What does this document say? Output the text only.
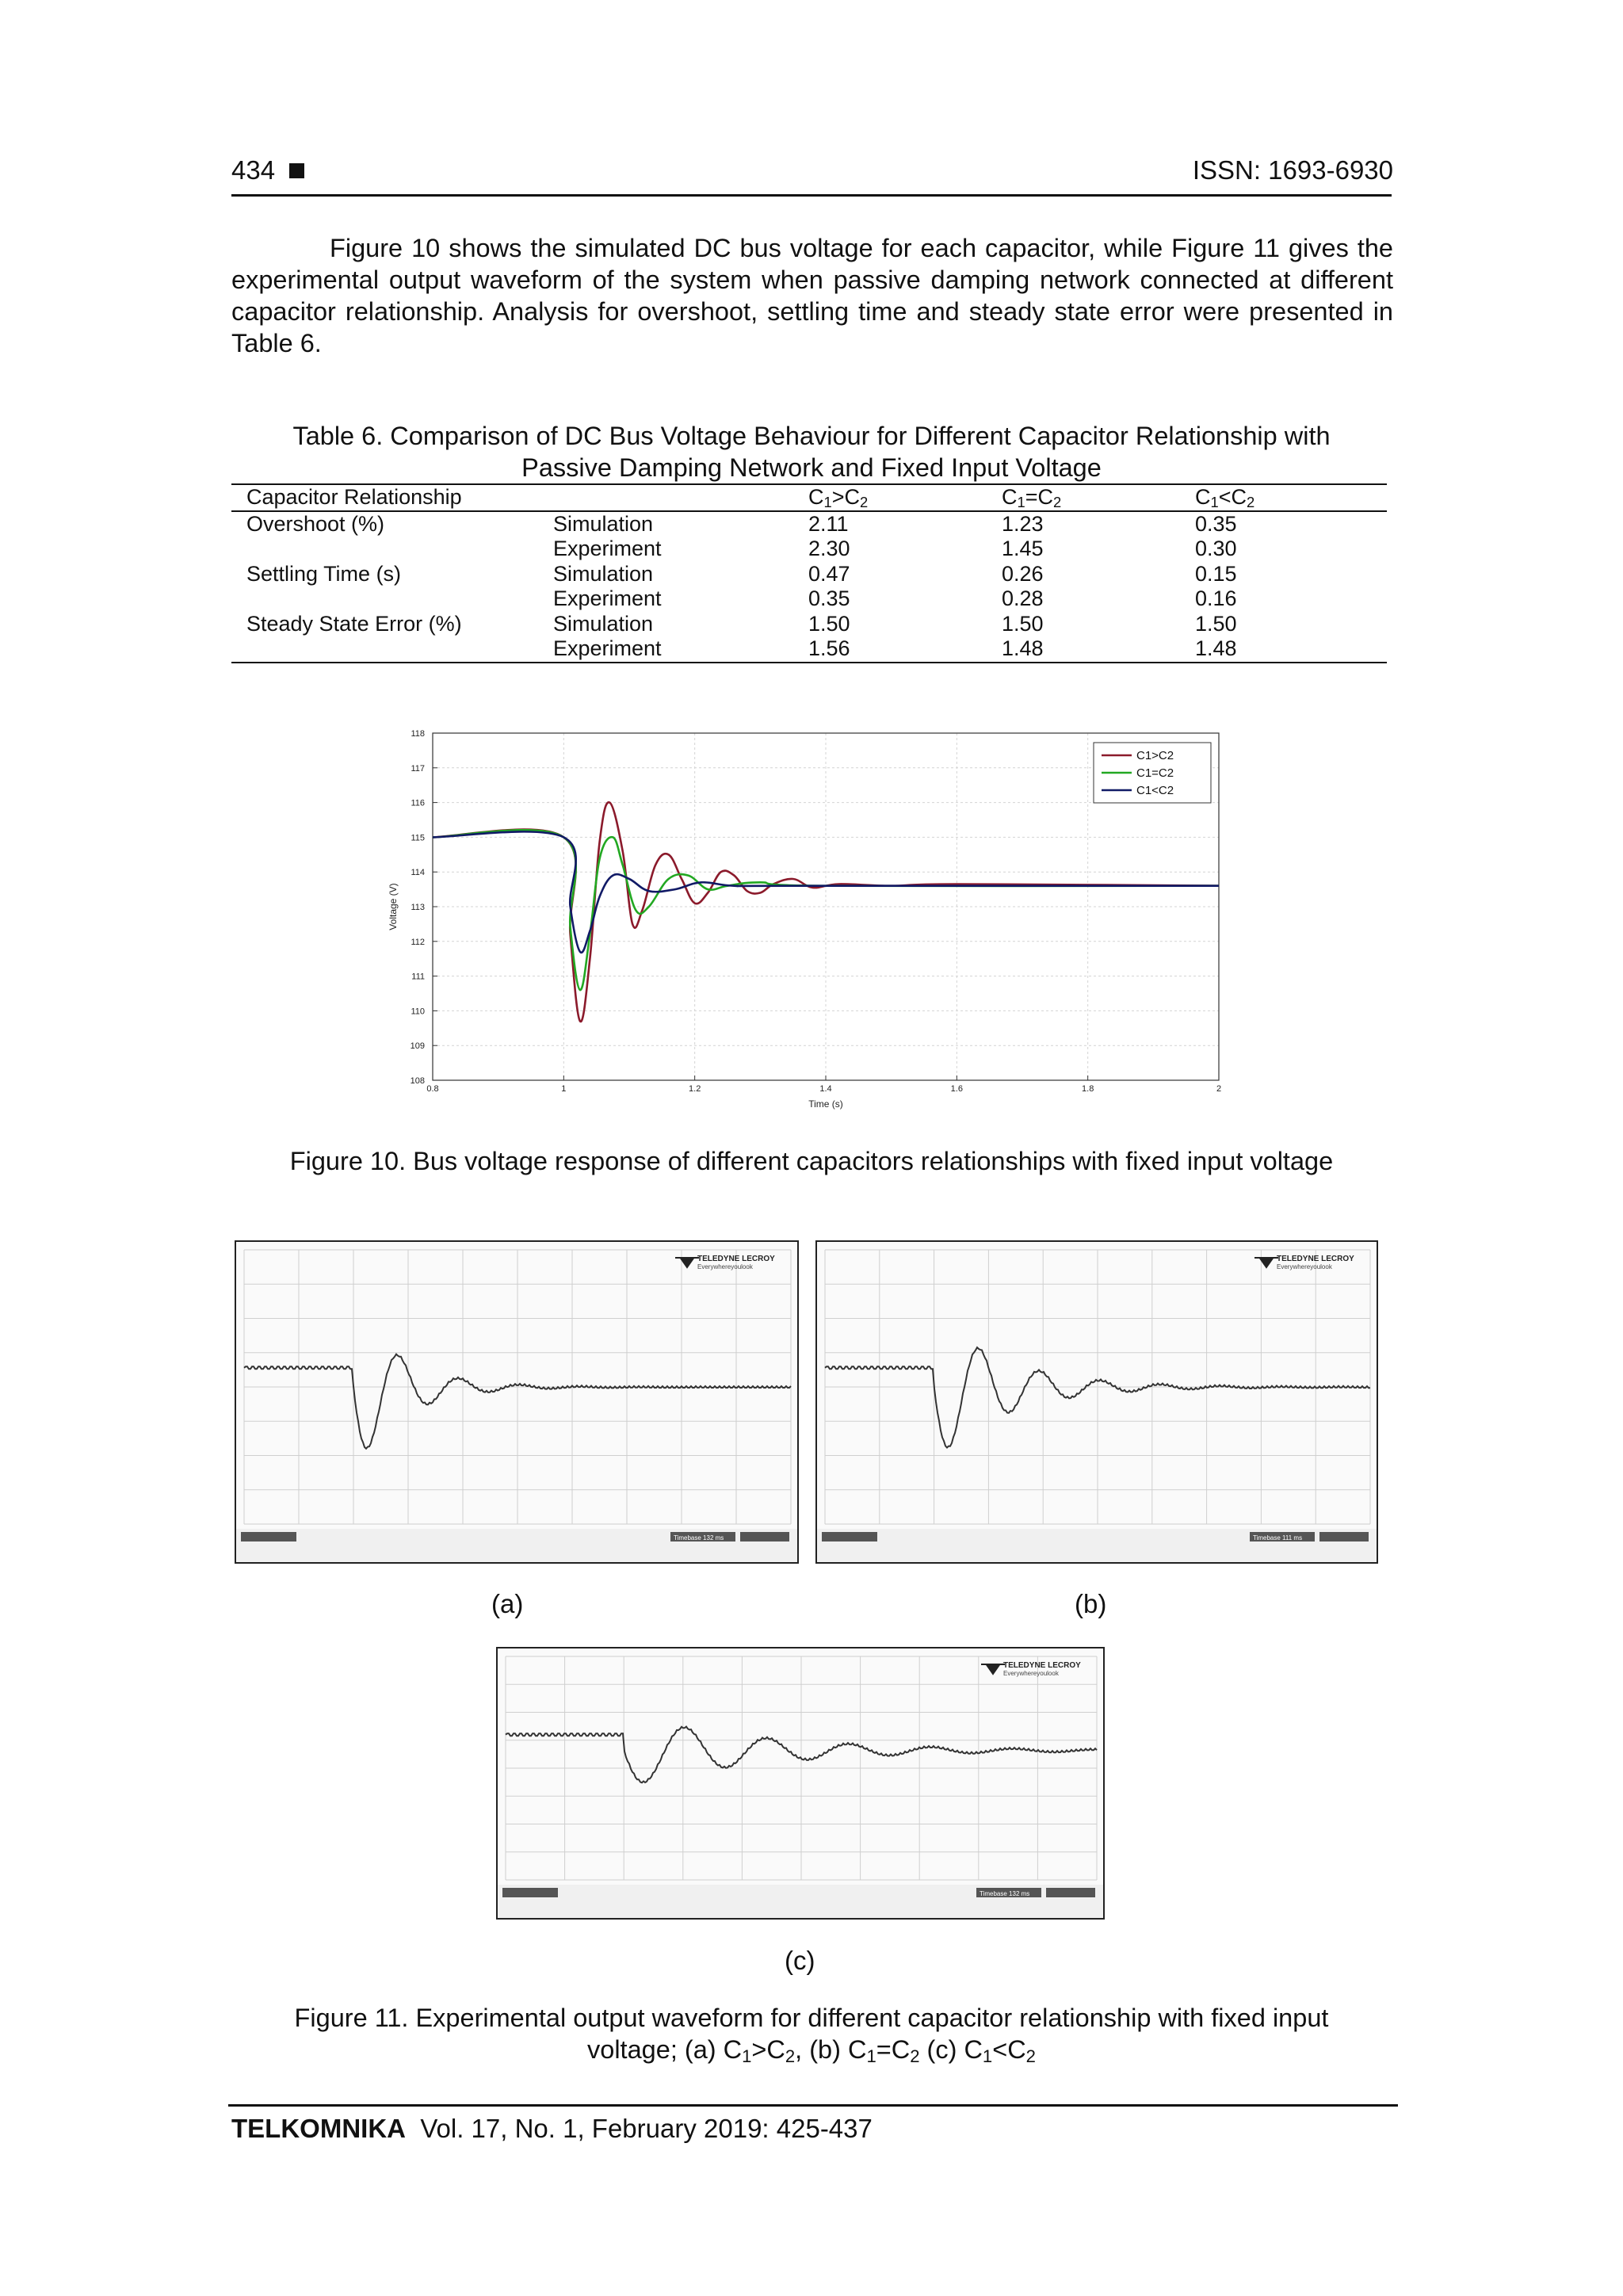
434	ISSN: 1693-6930
Figure 10 shows the simulated DC bus voltage for each capacitor, while Figure 11 gives the experimental output waveform of the system when passive damping network connected at different capacitor relationship. Analysis for overshoot, settling time and steady state error were presented in Table 6.
Table 6. Comparison of DC Bus Voltage Behaviour for Different Capacitor Relationship with
Passive Damping Network and Fixed Input Voltage
Capacitor Relationship		$C_1>C_2$	$C_1=C_2$	$C_1<C_2$
Overshoot (%)	Simulation	2.11	1.23	0.35
	Experiment	2.30	1.45	0.30
Settling Time (s)	Simulation	0.47	0.26	0.15
	Experiment	0.35	0.28	0.16
Steady State Error (%)	Simulation	1.50	1.50	1.50
	Experiment	1.56	1.48	1.48
108
109
110
111
112
113
114
115
116
117
118
0.8	1	1.2	1.4	1.6	1.8	2
Time (s)
Voltage (V)
C1>C2
C1=C2
C1<C2
Figure 10. Bus voltage response of different capacitors relationships with fixed input voltage
TELEDYNE LECROY
Everywhereyoulook
Timebase 132 ms
TELEDYNE LECROY
Everywhereyoulook
Timebase 111 ms
TELEDYNE LECROY
Everywhereyoulook
Timebase 132 ms
(a)	(b)
(c)
Figure 11. Experimental output waveform for different capacitor relationship with fixed input
voltage; (a) $C_1>C_2$, (b) $C_1=C_2$ (c) $C_1<C_2$
TELKOMNIKA Vol. 17, No. 1, February 2019: 425-437
